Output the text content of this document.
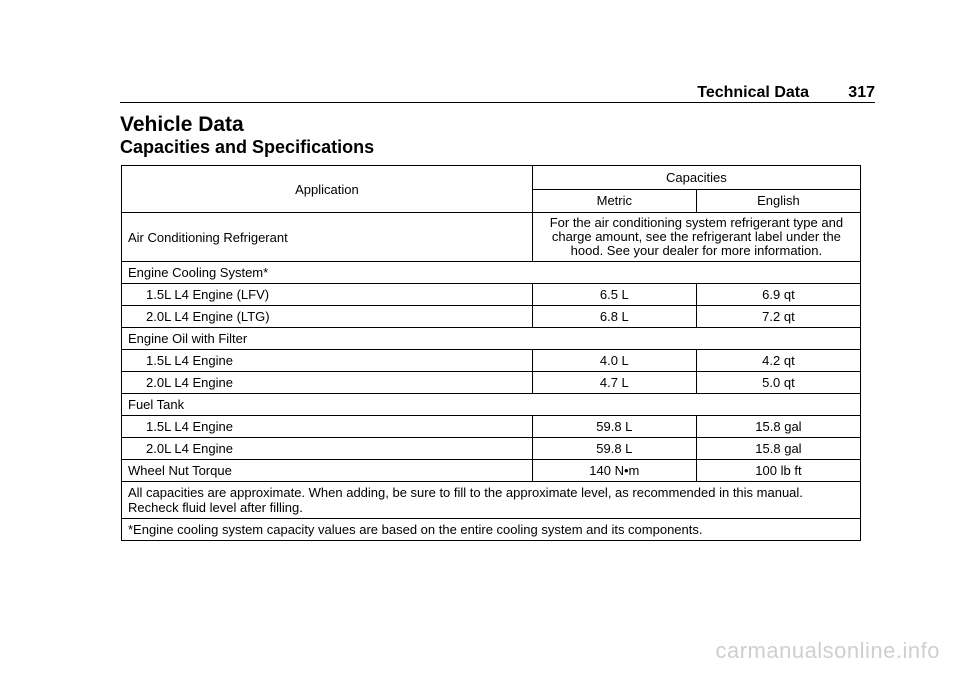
Technical Data 317
Vehicle Data
Capacities and Specifications
Application	Capacities	
	Metric	English
Air Conditioning Refrigerant	For the air conditioning system refrigerant type and charge amount, see the refrigerant label under the hood. See your dealer for more information.	
Engine Cooling System*		
1.5L L4 Engine (LFV)	6.5 L	6.9 qt
2.0L L4 Engine (LTG)	6.8 L	7.2 qt
Engine Oil with Filter		
1.5L L4 Engine	4.0 L	4.2 qt
2.0L L4 Engine	4.7 L	5.0 qt
Fuel Tank		
1.5L L4 Engine	59.8 L	15.8 gal
2.0L L4 Engine	59.8 L	15.8 gal
Wheel Nut Torque	140 N•m	100 lb ft
All capacities are approximate. When adding, be sure to fill to the approximate level, as recommended in this manual. Recheck fluid level after filling.		
*Engine cooling system capacity values are based on the entire cooling system and its components.		
carmanualsonline.info
